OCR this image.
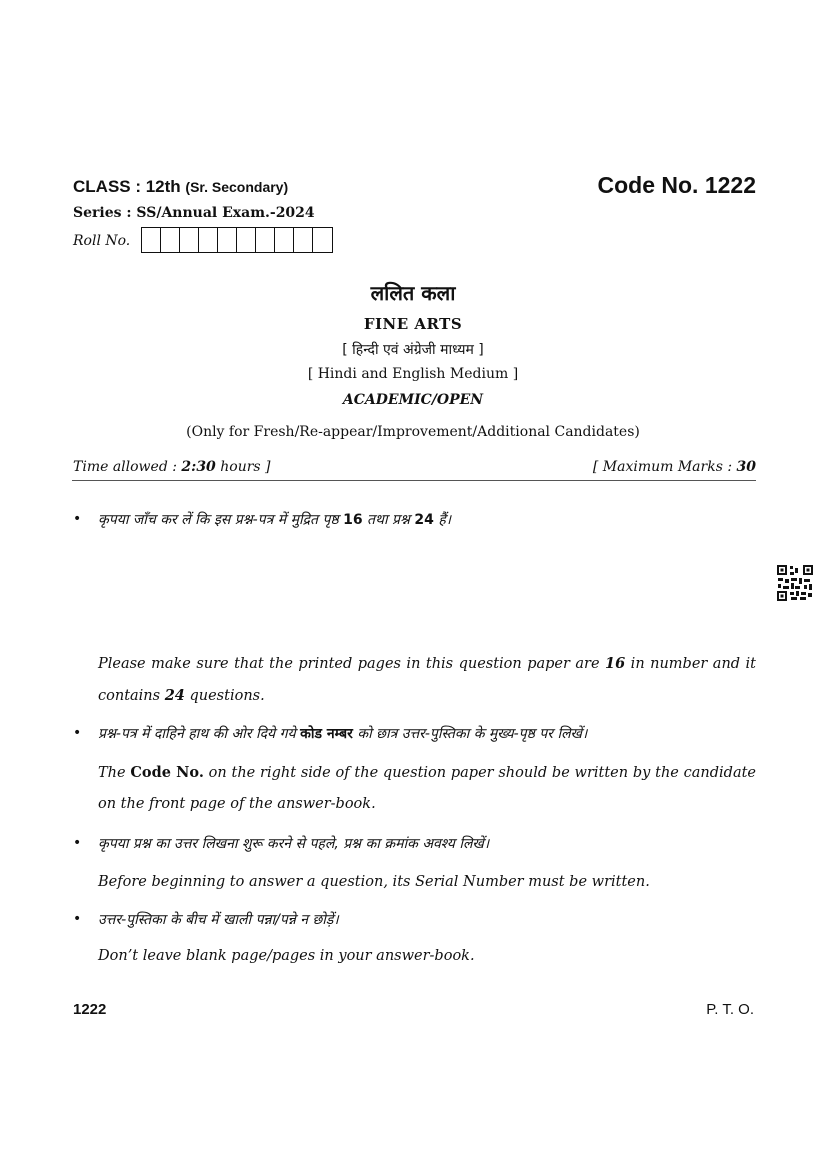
CLASS : 12th (Sr. Secondary)	Code No. 1222
Series : SS/Annual Exam.-2024
Roll No.
ललित कला
FINE ARTS
[ हिन्दी एवं अंग्रेजी माध्यम ]
[ Hindi and English Medium ]
ACADEMIC/OPEN
(Only for Fresh/Re-appear/Improvement/Additional Candidates)
Time allowed : 2:30 hours ]	[ Maximum Marks : 30
• कृपया जाँच कर लें कि इस प्रश्न-पत्र में मुद्रित पृष्ठ 16 तथा प्रश्न 24 हैं।
Please make sure that the printed pages in this question paper are 16 in number and it contains 24 questions.
• प्रश्न-पत्र में दाहिने हाथ की ओर दिये गये कोड नम्बर को छात्र उत्तर-पुस्तिका के मुख्य-पृष्ठ पर लिखें।
The Code No. on the right side of the question paper should be written by the candidate on the front page of the answer-book.
• कृपया प्रश्न का उत्तर लिखना शुरू करने से पहले, प्रश्न का क्रमांक अवश्य लिखें।
Before beginning to answer a question, its Serial Number must be written.
• उत्तर-पुस्तिका के बीच में खाली पन्ना/पन्ने न छोड़ें।
Don’t leave blank page/pages in your answer-book.
1222	P. T. O.
